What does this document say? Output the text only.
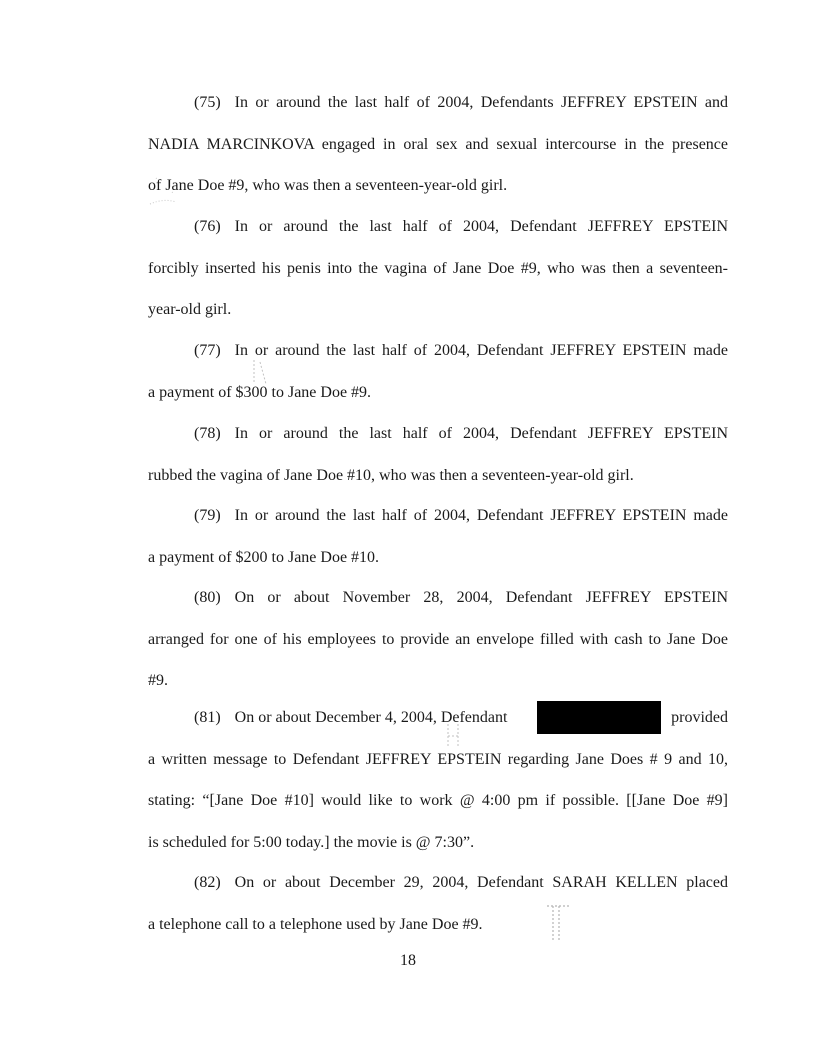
(75) In or around the last half of 2004, Defendants JEFFREY EPSTEIN and
NADIA MARCINKOVA engaged in oral sex and sexual intercourse in the presence
of Jane Doe #9, who was then a seventeen-year-old girl.
(76) In or around the last half of 2004, Defendant JEFFREY EPSTEIN
forcibly inserted his penis into the vagina of Jane Doe #9, who was then a seventeen-
year-old girl.
(77) In or around the last half of 2004, Defendant JEFFREY EPSTEIN made
a payment of $300 to Jane Doe #9.
(78) In or around the last half of 2004, Defendant JEFFREY EPSTEIN
rubbed the vagina of Jane Doe #10, who was then a seventeen-year-old girl.
(79) In or around the last half of 2004, Defendant JEFFREY EPSTEIN made
a payment of $200 to Jane Doe #10.
(80) On or about November 28, 2004, Defendant JEFFREY EPSTEIN
arranged for one of his employees to provide an envelope filled with cash to Jane Doe
#9.
(81) On or about December 4, 2004, Defendant	provided
a written message to Defendant JEFFREY EPSTEIN regarding Jane Does # 9 and 10,
stating: “[Jane Doe #10] would like to work @ 4:00 pm if possible. [[Jane Doe #9]
is scheduled for 5:00 today.] the movie is @ 7:30”.
(82) On or about December 29, 2004, Defendant SARAH KELLEN placed
a telephone call to a telephone used by Jane Doe #9.
18
